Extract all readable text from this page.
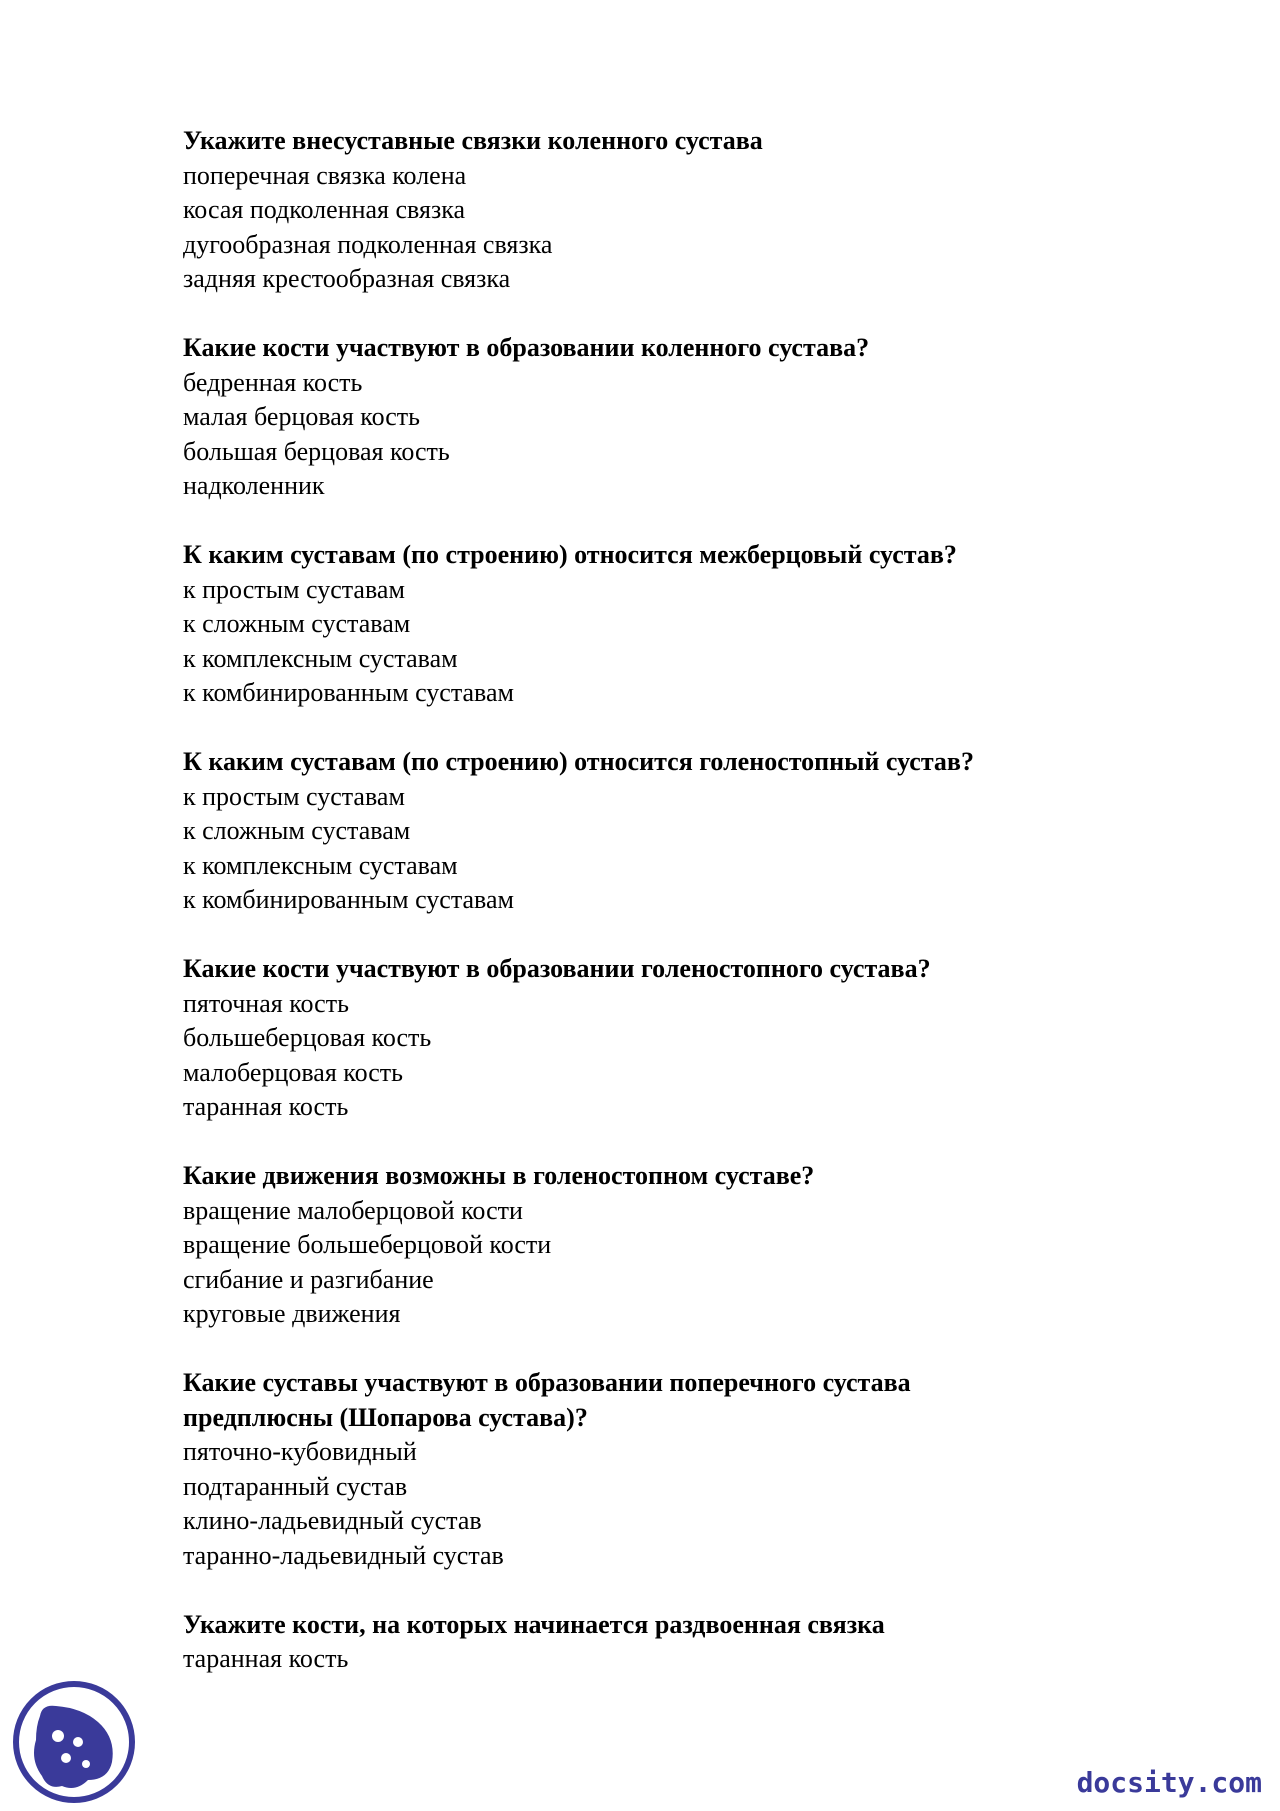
Укажите внесуставные связки коленного сустава

поперечная связка колена

косая подколенная связка

дугообразная подколенная связка

задняя крестообразная связка

Какие кости участвуют в образовании коленного сустава?

бедренная кость

малая берцовая кость

большая берцовая кость

надколенник

К каким суставам (по строению) относится межберцовый сустав?

к простым суставам

к сложным суставам

к комплексным суставам

к комбинированным суставам

К каким суставам (по строению) относится голеностопный сустав?

к простым суставам

к сложным суставам

к комплексным суставам

к комбинированным суставам

Какие кости участвуют в образовании голеностопного сустава?

пяточная кость

большеберцовая кость

малоберцовая кость

таранная кость

Какие движения возможны в голеностопном суставе?

вращение малоберцовой кости

вращение большеберцовой кости

сгибание и разгибание

круговые движения

Какие суставы участвуют в образовании поперечного сустава

предплюсны (Шопарова сустава)?

пяточно-кубовидный

подтаранный сустав

клино-ладьевидный сустав

таранно-ладьевидный сустав

Укажите кости, на которых начинается раздвоенная связка

таранная кость

docsity.com
